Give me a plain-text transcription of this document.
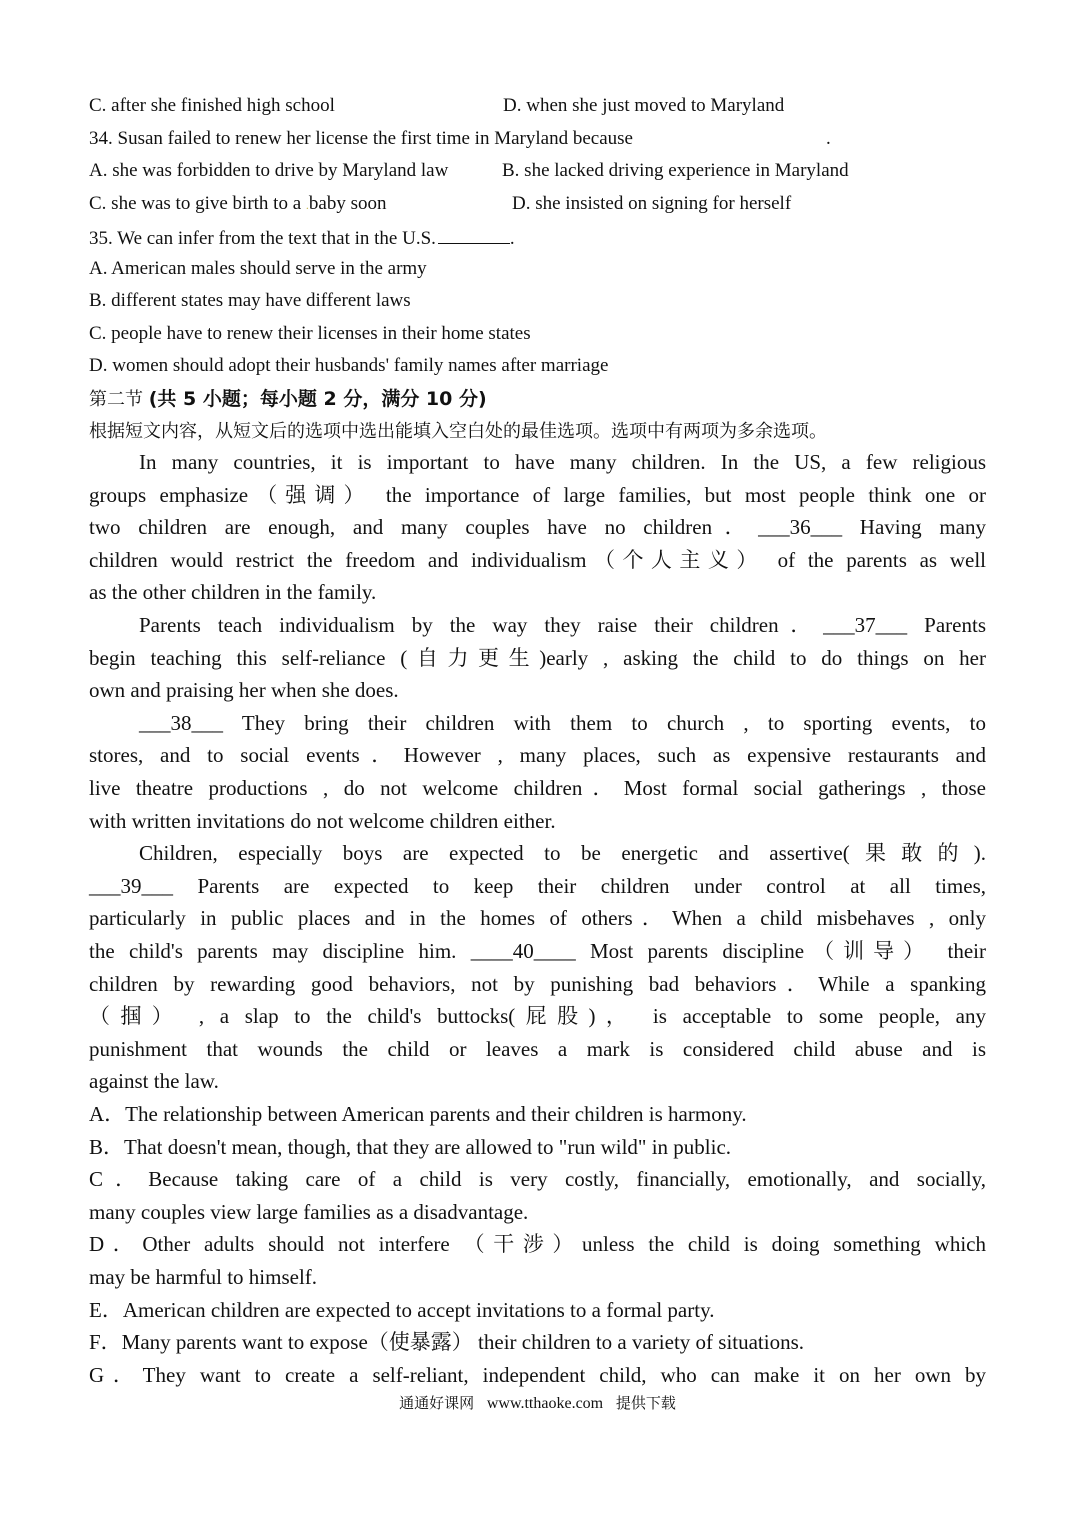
C. after she finished high school	D. when she just moved to Maryland
34. Susan failed to renew her license the first time in Maryland because	.
A. she was forbidden to drive by Maryland law	B. she lacked driving experience in Maryland
C. she was to give birth to a .baby soon	D. she insisted on signing for herself
35. We can infer from the text that in the U.S.	.
A. American males should serve in the army
B. different states may have different laws
C. people have to renew their licenses in their home states
D. women should adopt their husbands' family names after marriage
第二节 (共 5 小题；每小题 2 分，满分 10 分)
根据短文内容，从短文后的选项中选出能填入空白处的最佳选项。选项中有两项为多余选项。
In many countries, it is important to have many children. In the US, a few religious
groups emphasize（强调） the importance of large families, but most people think one or
two children are enough, and many couples have no children．___36___ Having many
children would restrict the freedom and individualism（个人主义） of the parents as well
as the other children in the family.
Parents teach individualism by the way they raise their children．___37___ Parents
begin teaching this self-reliance (自力更生)early , asking the child to do things on her
own and praising her when she does.
___38___ They bring their children with them to church , to sporting events, to
stores, and to social events．However , many places, such as expensive restaurants and
live theatre productions , do not welcome children．Most formal social gatherings , those
with written invitations do not welcome children either.
Children, especially boys are expected to be energetic and assertive(果敢的).
___39___ Parents are expected to keep their children under control at all times,
particularly in public places and in the homes of others．When a child misbehaves , only
the child's parents may discipline him. ____40____ Most parents discipline（训导） their
children by rewarding good behaviors, not by punishing bad behaviors．While a spanking
（掴） , a slap to the child's buttocks(屁股)， is acceptable to some people, any
punishment that wounds the child or leaves a mark is considered child abuse and is
against the law.
A．The relationship between American parents and their children is harmony.
B．That doesn't mean, though, that they are allowed to "run wild" in public.
C．Because taking care of a child is very costly, financially, emotionally, and socially,
many couples view large families as a disadvantage.
D．Other adults should not interfere （干涉）unless the child is doing something which
may be harmful to himself.
E．American children are expected to accept invitations to a formal party.
F．Many parents want to expose（使暴露） their children to a variety of situations.
G．They want to create a self-reliant, independent child, who can make it on her own by
通通好课网 www.tthaoke.com 提供下载
